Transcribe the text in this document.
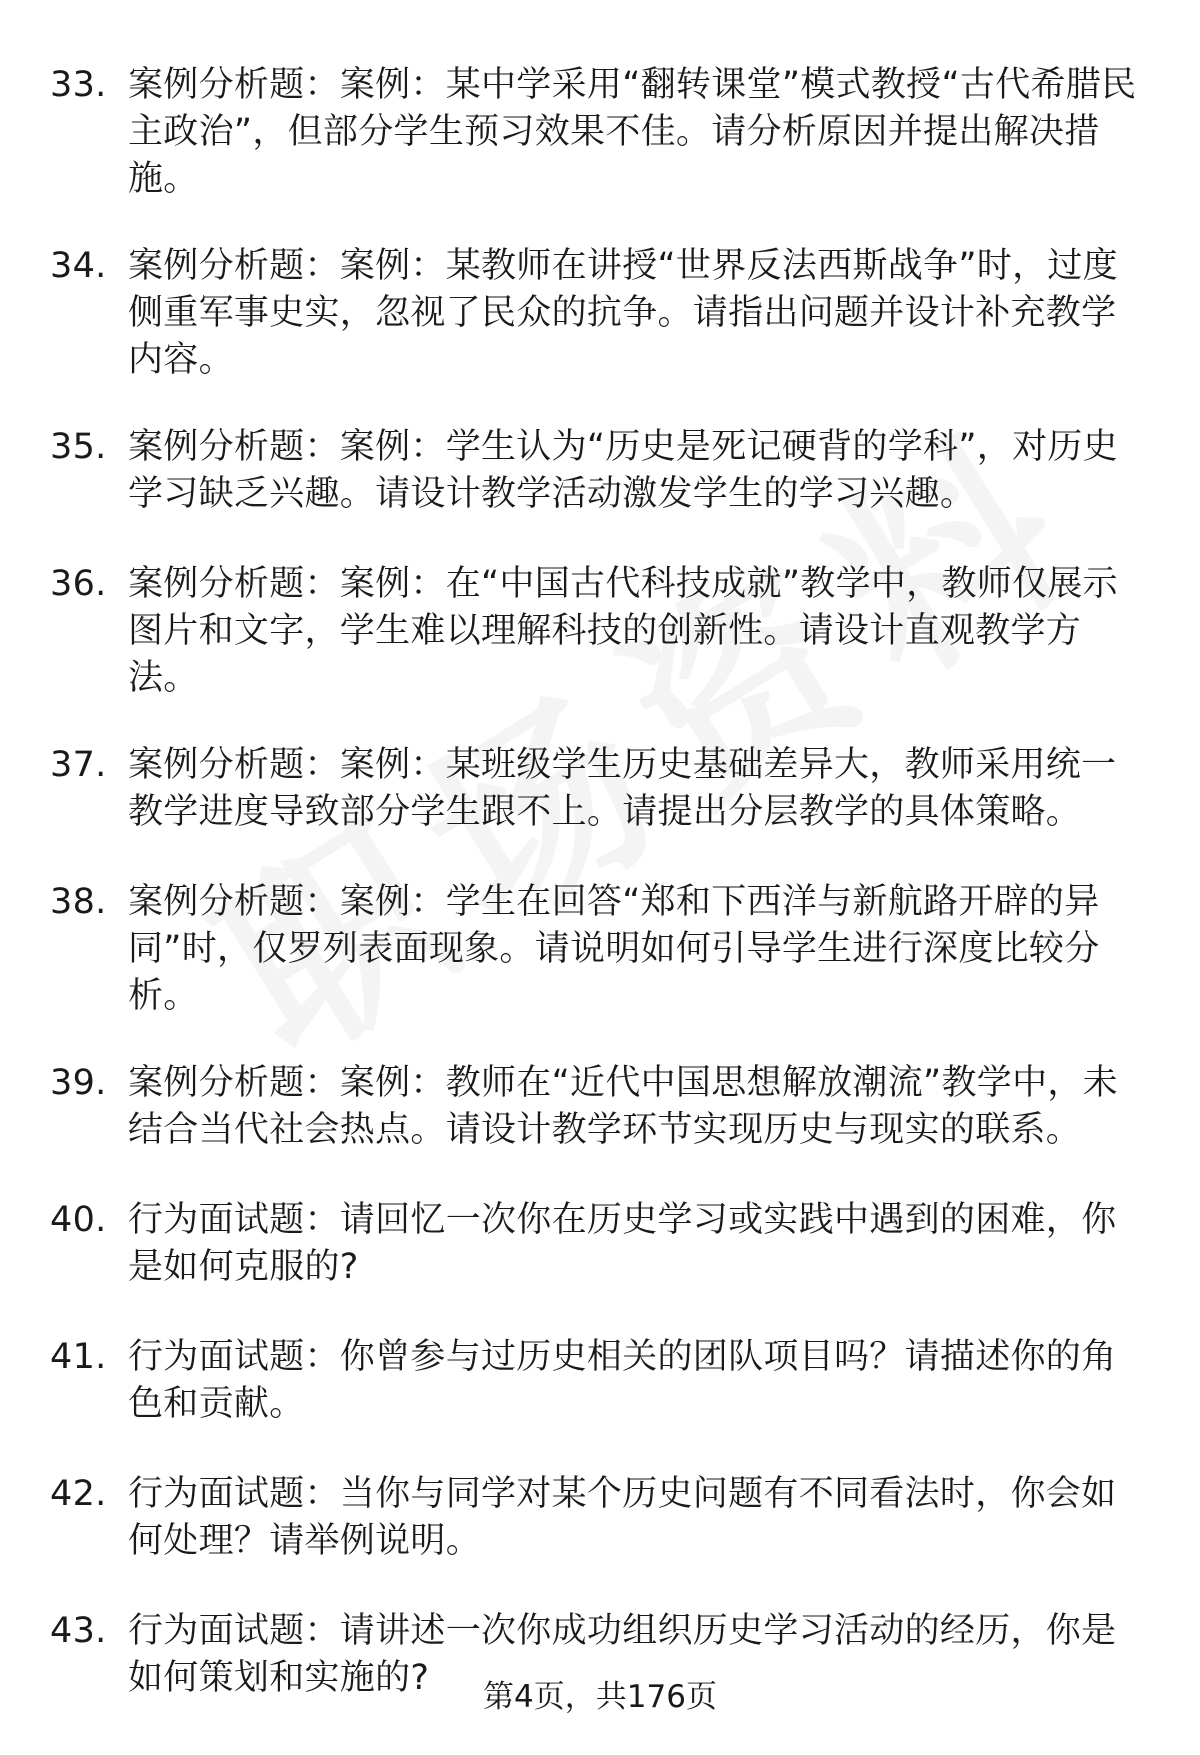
33. 案例分析题：案例：某中学采用“翻转课堂”模式教授“古代希腊民主政治”，但部分学生预习效果不佳。请分析原因并提出解决措施。
34. 案例分析题：案例：某教师在讲授“世界反法西斯战争”时，过度侧重军事史实，忽视了民众的抗争。请指出问题并设计补充教学内容。
35. 案例分析题：案例：学生认为“历史是死记硬背的学科”，对历史学习缺乏兴趣。请设计教学活动激发学生的学习兴趣。
36. 案例分析题：案例：在“中国古代科技成就”教学中，教师仅展示图片和文字，学生难以理解科技的创新性。请设计直观教学方法。
37. 案例分析题：案例：某班级学生历史基础差异大，教师采用统一教学进度导致部分学生跟不上。请提出分层教学的具体策略。
38. 案例分析题：案例：学生在回答“郑和下西洋与新航路开辟的异同”时，仅罗列表面现象。请说明如何引导学生进行深度比较分析。
39. 案例分析题：案例：教师在“近代中国思想解放潮流”教学中，未结合当代社会热点。请设计教学环节实现历史与现实的联系。
40. 行为面试题：请回忆一次你在历史学习或实践中遇到的困难，你是如何克服的?
41. 行为面试题：你曾参与过历史相关的团队项目吗？请描述你的角色和贡献。
42. 行为面试题：当你与同学对某个历史问题有不同看法时，你会如何处理？请举例说明。
43. 行为面试题：请讲述一次你成功组织历史学习活动的经历，你是如何策划和实施的?	第4页，共176页
